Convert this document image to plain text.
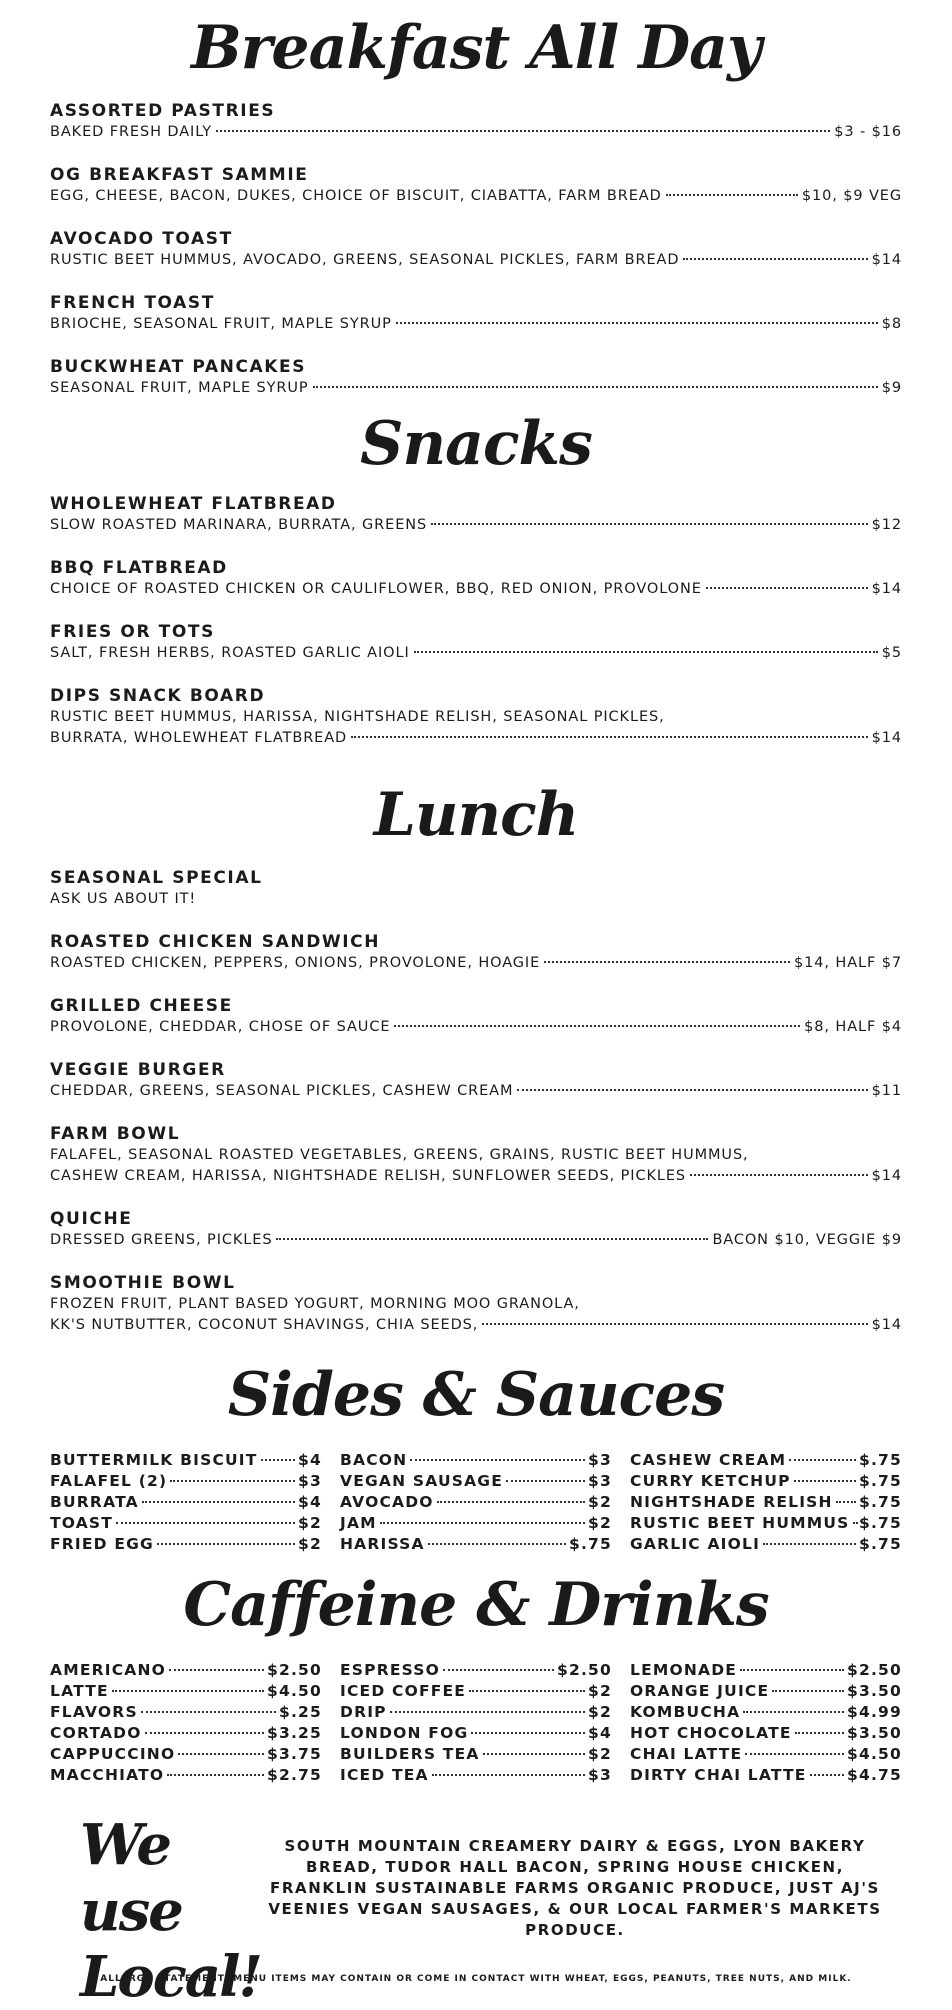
Breakfast All Day
ASSORTED PASTRIES
BAKED FRESH DAILY	$3 - $16
OG BREAKFAST SAMMIE
EGG, CHEESE, BACON, DUKES, CHOICE OF BISCUIT, CIABATTA, FARM BREAD	$10, $9 VEG
AVOCADO TOAST
RUSTIC BEET HUMMUS, AVOCADO, GREENS, SEASONAL PICKLES, FARM BREAD	$14
FRENCH TOAST
BRIOCHE, SEASONAL FRUIT, MAPLE SYRUP	$8
BUCKWHEAT PANCAKES
SEASONAL FRUIT, MAPLE SYRUP	$9
Snacks
WHOLEWHEAT FLATBREAD
SLOW ROASTED MARINARA, BURRATA, GREENS	$12
BBQ FLATBREAD
CHOICE OF ROASTED CHICKEN OR CAULIFLOWER, BBQ, RED ONION, PROVOLONE	$14
FRIES OR TOTS
SALT, FRESH HERBS, ROASTED GARLIC AIOLI	$5
DIPS SNACK BOARD
RUSTIC BEET HUMMUS, HARISSA, NIGHTSHADE RELISH, SEASONAL PICKLES,
BURRATA, WHOLEWHEAT FLATBREAD	$14
Lunch
SEASONAL SPECIAL
ASK US ABOUT IT!
ROASTED CHICKEN SANDWICH
ROASTED CHICKEN, PEPPERS, ONIONS, PROVOLONE, HOAGIE	$14, HALF $7
GRILLED CHEESE
PROVOLONE, CHEDDAR, CHOSE OF SAUCE	$8, HALF $4
VEGGIE BURGER
CHEDDAR, GREENS, SEASONAL PICKLES, CASHEW CREAM	$11
FARM BOWL
FALAFEL, SEASONAL ROASTED VEGETABLES, GREENS, GRAINS, RUSTIC BEET HUMMUS,
CASHEW CREAM, HARISSA, NIGHTSHADE RELISH, SUNFLOWER SEEDS, PICKLES	$14
QUICHE
DRESSED GREENS, PICKLES	BACON $10, VEGGIE $9
SMOOTHIE BOWL
FROZEN FRUIT, PLANT BASED YOGURT, MORNING MOO GRANOLA,
KK'S NUTBUTTER, COCONUT SHAVINGS, CHIA SEEDS,	$14
Sides & Sauces
BUTTERMILK BISCUIT	$4
FALAFEL (2)	$3
BURRATA	$4
TOAST	$2
FRIED EGG	$2
BACON	$3
VEGAN SAUSAGE	$3
AVOCADO	$2
JAM	$2
HARISSA	$.75
CASHEW CREAM	$.75
CURRY KETCHUP	$.75
NIGHTSHADE RELISH $.75
RUSTIC BEET HUMMUS $.75
GARLIC AIOLI	$.75
Caffeine & Drinks
AMERICANO	$2.50
LATTE	$4.50
FLAVORS	$.25
CORTADO	$3.25
CAPPUCCINO	$3.75
MACCHIATO	$2.75
ESPRESSO	$2.50
ICED COFFEE	$2
DRIP	$2
LONDON FOG	$4
BUILDERS TEA	$2
ICED TEA	$3
LEMONADE	$2.50
ORANGE JUICE	$3.50
KOMBUCHA	$4.99
HOT CHOCOLATE	$3.50
CHAI LATTE	$4.50
DIRTY CHAI LATTE	$4.75
We use
Local!
SOUTH MOUNTAIN CREAMERY DAIRY & EGGS, LYON BAKERY BREAD, TUDOR HALL BACON, SPRING HOUSE CHICKEN, FRANKLIN SUSTAINABLE FARMS ORGANIC PRODUCE, JUST AJ'S VEENIES VEGAN SAUSAGES, & OUR LOCAL FARMER'S MARKETS PRODUCE.
ALLERGY STATEMENT: MENU ITEMS MAY CONTAIN OR COME IN CONTACT WITH WHEAT, EGGS, PEANUTS, TREE NUTS, AND MILK.
